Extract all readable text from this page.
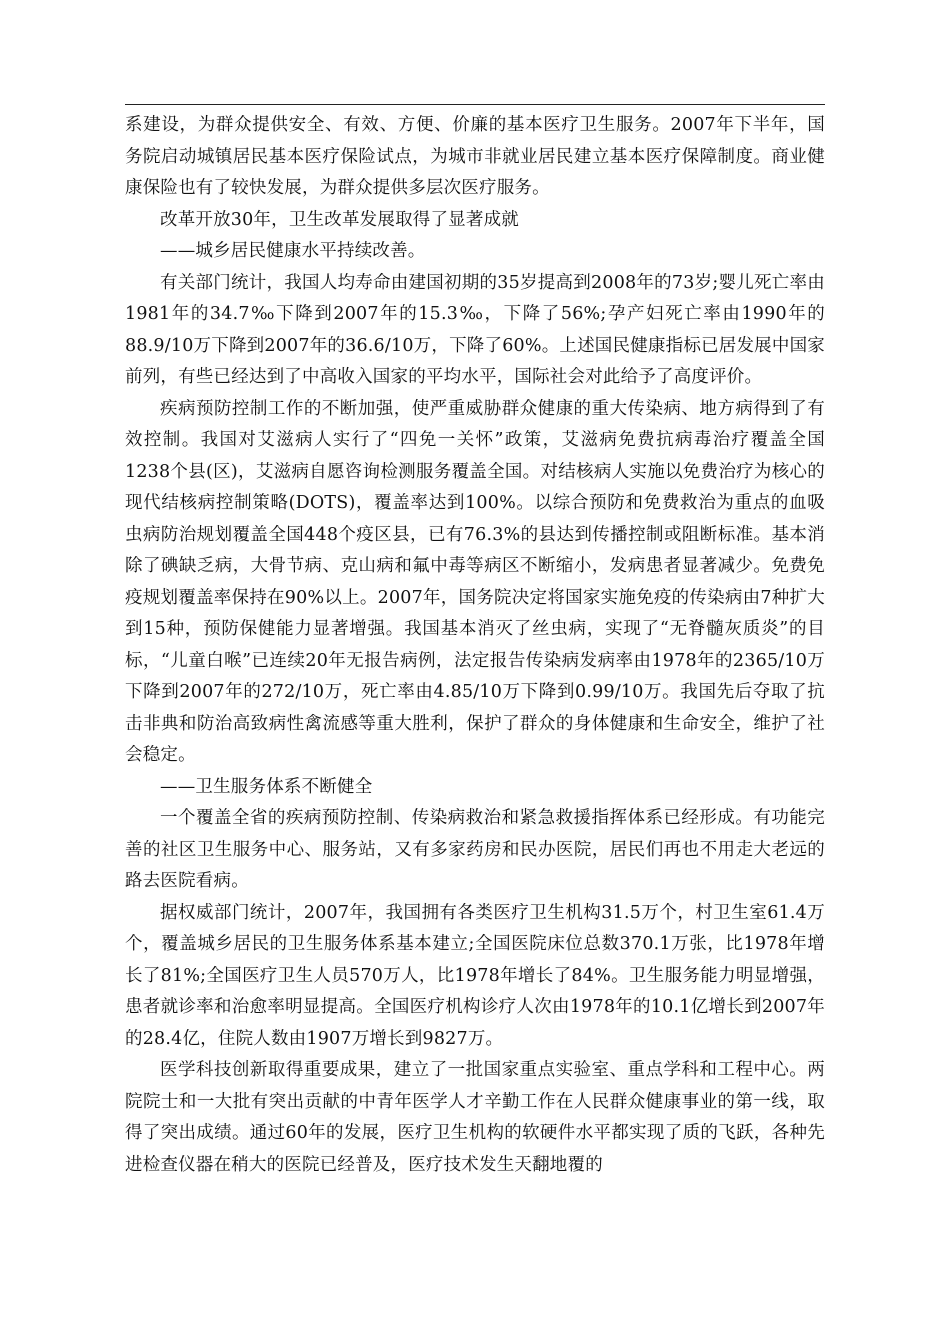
系建设，为群众提供安全、有效、方便、价廉的基本医疗卫生服务。2007年下半年，国务院启动城镇居民基本医疗保险试点，为城市非就业居民建立基本医疗保障制度。商业健康保险也有了较快发展，为群众提供多层次医疗服务。

改革开放30年，卫生改革发展取得了显著成就

——城乡居民健康水平持续改善。

有关部门统计，我国人均寿命由建国初期的35岁提高到2008年的73岁;婴儿死亡率由1981年的34.7‰下降到2007年的15.3‰，下降了56%;孕产妇死亡率由1990年的88.9/10万下降到2007年的36.6/10万，下降了60%。上述国民健康指标已居发展中国家前列，有些已经达到了中高收入国家的平均水平，国际社会对此给予了高度评价。

疾病预防控制工作的不断加强，使严重威胁群众健康的重大传染病、地方病得到了有效控制。我国对艾滋病人实行了“四免一关怀”政策，艾滋病免费抗病毒治疗覆盖全国1238个县(区)，艾滋病自愿咨询检测服务覆盖全国。对结核病人实施以免费治疗为核心的现代结核病控制策略(DOTS)，覆盖率达到100%。以综合预防和免费救治为重点的血吸虫病防治规划覆盖全国448个疫区县，已有76.3%的县达到传播控制或阻断标准。基本消除了碘缺乏病，大骨节病、克山病和氟中毒等病区不断缩小，发病患者显著减少。免费免疫规划覆盖率保持在90%以上。2007年，国务院决定将国家实施免疫的传染病由7种扩大到15种，预防保健能力显著增强。我国基本消灭了丝虫病，实现了“无脊髓灰质炎”的目标，“儿童白喉”已连续20年无报告病例，法定报告传染病发病率由1978年的2365/10万下降到2007年的272/10万，死亡率由4.85/10万下降到0.99/10万。我国先后夺取了抗击非典和防治高致病性禽流感等重大胜利，保护了群众的身体健康和生命安全，维护了社会稳定。

——卫生服务体系不断健全

一个覆盖全省的疾病预防控制、传染病救治和紧急救援指挥体系已经形成。有功能完善的社区卫生服务中心、服务站，又有多家药房和民办医院，居民们再也不用走大老远的路去医院看病。

据权威部门统计，2007年，我国拥有各类医疗卫生机构31.5万个，村卫生室61.4万个，覆盖城乡居民的卫生服务体系基本建立;全国医院床位总数370.1万张，比1978年增长了81%;全国医疗卫生人员570万人，比1978年增长了84%。卫生服务能力明显增强，患者就诊率和治愈率明显提高。全国医疗机构诊疗人次由1978年的10.1亿增长到2007年的28.4亿，住院人数由1907万增长到9827万。

医学科技创新取得重要成果，建立了一批国家重点实验室、重点学科和工程中心。两院院士和一大批有突出贡献的中青年医学人才辛勤工作在人民群众健康事业的第一线，取得了突出成绩。通过60年的发展，医疗卫生机构的软硬件水平都实现了质的飞跃，各种先进检查仪器在稍大的医院已经普及，医疗技术发生天翻地覆的
